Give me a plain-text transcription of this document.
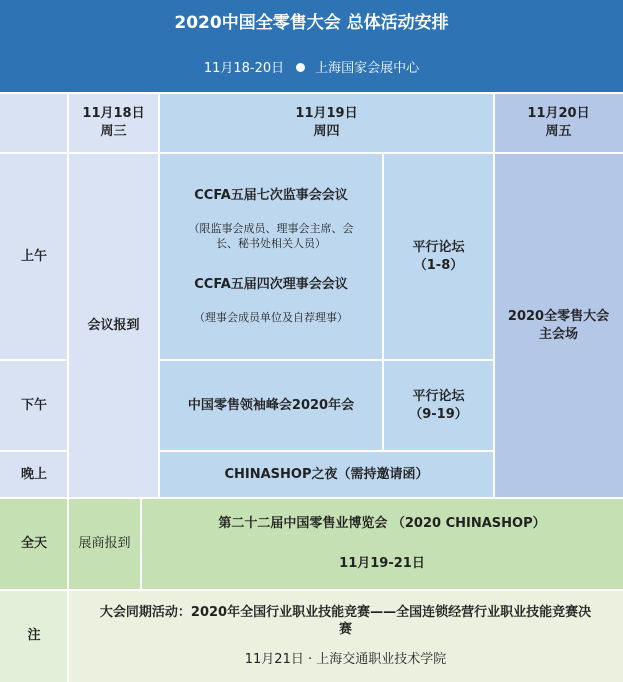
2020中国全零售大会 总体活动安排
11月18-20日 上海国家会展中心
11月18日
周三
11月19日
周四
11月20日
周五
上午
下午
晚上
会议报到
CCFA五届七次监事会会议
（限监事会成员、理事会主席、会
长、秘书处相关人员）
CCFA五届四次理事会会议
（理事会成员单位及自荐理事）
平行论坛
（1-8）
2020全零售大会
主会场
中国零售领袖峰会2020年会
平行论坛
（9-19）
CHINASHOP之夜（需持邀请函）
全天	展商报到
第二十二届中国零售业博览会 （2020 CHINASHOP）
11月19-21日
注
大会同期活动：2020年全国行业职业技能竞赛——全国连锁经营行业职业技能竞赛决
赛
11月21日 · 上海交通职业技术学院
